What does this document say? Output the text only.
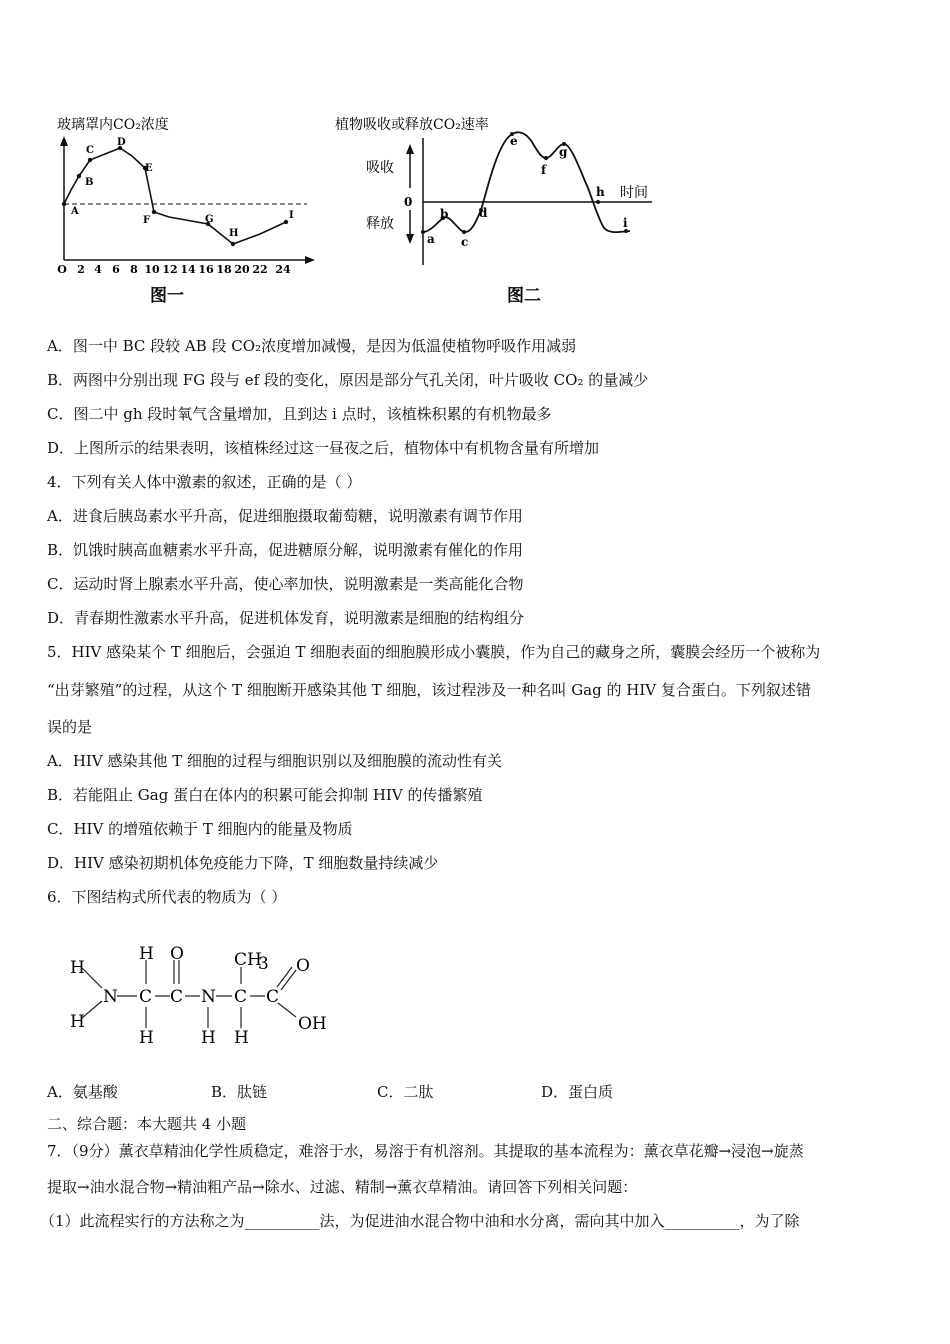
玻璃罩内CO₂浓度
A
B
C
D
E
F	G
H
I
O 2 4 6 8 10 12 14 16 18 20 22 24
图一
植物吸收或释放CO₂速率
0
吸收
释放
时间
a
b
c
d
e
f
g
h
i
图二
A．图一中 BC 段较 AB 段 CO₂浓度增加减慢，是因为低温使植物呼吸作用减弱
B．两图中分别出现 FG 段与 ef 段的变化，原因是部分气孔关闭，叶片吸收 CO₂ 的量减少
C．图二中 gh 段时氧气含量增加，且到达 i 点时，该植株积累的有机物最多
D．上图所示的结果表明，该植株经过这一昼夜之后，植物体中有机物含量有所增加
4．下列有关人体中激素的叙述，正确的是（ ）
A．进食后胰岛素水平升高，促进细胞摄取葡萄糖，说明激素有调节作用
B．饥饿时胰高血糖素水平升高，促进糖原分解，说明激素有催化的作用
C．运动时肾上腺素水平升高，使心率加快，说明激素是一类高能化合物
D．青春期性激素水平升高，促进机体发育，说明激素是细胞的结构组分
5．HIV 感染某个 T 细胞后，会强迫 T 细胞表面的细胞膜形成小囊膜，作为自己的藏身之所，囊膜会经历一个被称为
“出芽繁殖”的过程，从这个 T 细胞断开感染其他 T 细胞，该过程涉及一种名叫 Gag 的 HIV 复合蛋白。下列叙述错
误的是
A．HIV 感染其他 T 细胞的过程与细胞识别以及细胞膜的流动性有关
B．若能阻止 Gag 蛋白在体内的积累可能会抑制 HIV 的传播繁殖
C．HIV 的增殖依赖于 T 细胞内的能量及物质
D．HIV 感染初期机体免疫能力下降，T 细胞数量持续减少
6．下图结构式所代表的物质为（ ）
H
H
N
H
C
H
O
C N
H
CH
3
C
H
C
O
OH
A．氨基酸	B．肽链	C．二肽	D．蛋白质
二、综合题：本大题共 4 小题
7．（9分）薰衣草精油化学性质稳定，难溶于水，易溶于有机溶剂。其提取的基本流程为：薰衣草花瓣→浸泡→旋蒸
提取→油水混合物→精油粗产品→除水、过滤、精制→薰衣草精油。请回答下列相关问题：
（1）此流程实行的方法称之为__________法，为促进油水混合物中油和水分离，需向其中加入__________，为了除
